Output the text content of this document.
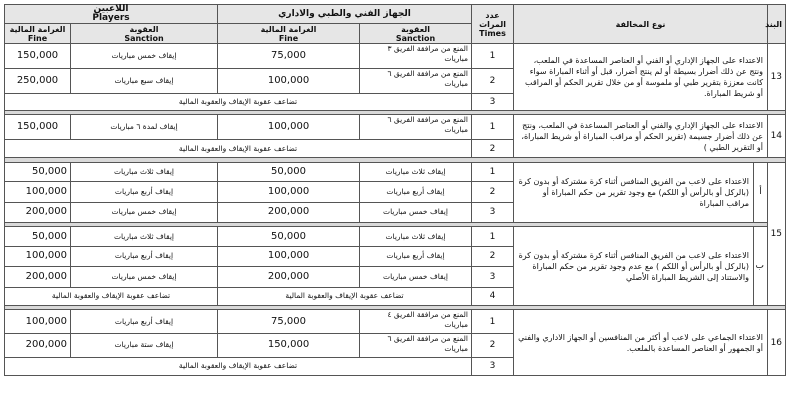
البند	نوع المخالفة		عدد المرات
Times	الجهاز الفني والطبي والاداري		اللاعبين
Players	

				العقوبة
Sanction	الغرامة المالية
Fine	العقوبة
Sanction	الغرامة المالية
Fine

13	الاعتداء على الجهاز الإداري أو الفني أو العناصر المساعدة في الملعب، ونتج عن ذلك أضرار بسيطة أو لم ينتج أضرار، قبل أو أثناء المباراة سواء كانت معززة بتقرير طبي أو ملموسة أو من خلال تقرير الحكم أو المراقب أو شريط المباراة.		1	المنع من مرافقة الفريق ٣ مباريات	75,000	إيقاف خمس مباريات	150,000
			2	المنع من مرافقة الفريق ٦ مباريات	100,000	إيقاف سبع مباريات	250,000
			3	تضاعف عقوبة الإيقاف والعقوبة المالية			

14	الاعتداء على الجهاز الإداري والفني أو العناصر المساعدة في الملعب، ونتج عن ذلك أضرار جسيمة (تقرير الحكم أو مراقب المباراة أو شريط المباراة، أو التقرير الطبي )		1	المنع من مرافقة الفريق ٦ مباريات	100,000	إيقاف لمدة ٦ مباريات	150,000
			2	تضاعف عقوبة الإيقاف والعقوبة المالية			

15	أ	الاعتداء على لاعب من الفريق المنافس أثناء كرة مشتركة أو بدون كرة (بالركل أو بالرأس أو اللكم) مع وجود تقرير من حكم المباراة أو مراقب المباراة	1	إيقاف ثلاث مباريات	50,000	إيقاف ثلاث مباريات	50,000
			2	إيقاف أربع مباريات	100,000	إيقاف أربع مباريات	100,000
			3	إيقاف خمس مباريات	200,000	إيقاف خمس مباريات	200,000

	ب	الاعتداء على لاعب من الفريق المنافس أثناء كرة مشتركة أو بدون كرة (بالركل أو بالرأس أو اللكم ) مع عدم وجود تقرير من حكم المباراة والاستناد إلى الشريط المباراة الأصلي	1	إيقاف ثلاث مباريات	50,000	إيقاف ثلاث مباريات	50,000
			2	إيقاف أربع مباريات	100,000	إيقاف أربع مباريات	100,000
			3	إيقاف خمس مباريات	200,000	إيقاف خمس مباريات	200,000
			4	تضاعف عقوبة الإيقاف والعقوبة المالية		تضاعف عقوبة الإيقاف والعقوبة المالية	

16	الاعتداء الجماعي على لاعب أو أكثر من المنافسين أو الجهاز الاداري والفني أو الجمهور أو العناصر المساعدة بالملعب.		1	المنع من مرافقة الفريق ٤ مباريات	75,000	إيقاف أربع مباريات	100,000
			2	المنع من مرافقة الفريق ٦ مباريات	150,000	إيقاف ستة مباريات	200,000
			3	تضاعف عقوبة الإيقاف والعقوبة المالية			
